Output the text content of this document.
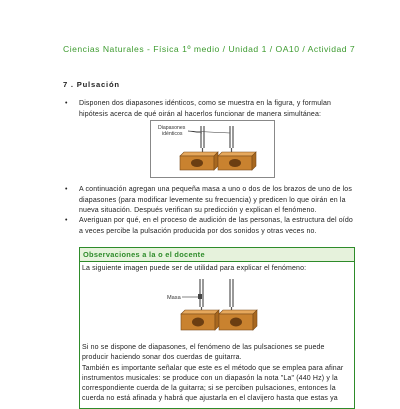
Ciencias Naturales - Física 1º medio / Unidad 1 / OA10 / Actividad 7
7 . Pulsación
• Disponen dos diapasones idénticos, como se muestra en la figura, y formulan hipótesis acerca de qué oirán al hacerlos funcionar de manera simultánea:
Diapasones
idénticos
• A continuación agregan una pequeña masa a uno o dos de los brazos de uno de los diapasones (para modificar levemente su frecuencia) y predicen lo que oirán en la nueva situación. Después verifican su predicción y explican el fenómeno.
• Averiguan por qué, en el proceso de audición de las personas, la estructura del oído a veces percibe la pulsación producida por dos sonidos y otras veces no.
Observaciones a la o el docente
La siguiente imagen puede ser de utilidad para explicar el fenómeno:
Masa
Si no se dispone de diapasones, el fenómeno de las pulsaciones se puede producir haciendo sonar dos cuerdas de guitarra.
También es importante señalar que este es el método que se emplea para afinar instrumentos musicales: se produce con un diapasón la nota "La" (440 Hz) y la correspondiente cuerda de la guitarra; si se perciben pulsaciones, entonces la cuerda no está afinada y habrá que ajustarla en el clavijero hasta que estas ya
